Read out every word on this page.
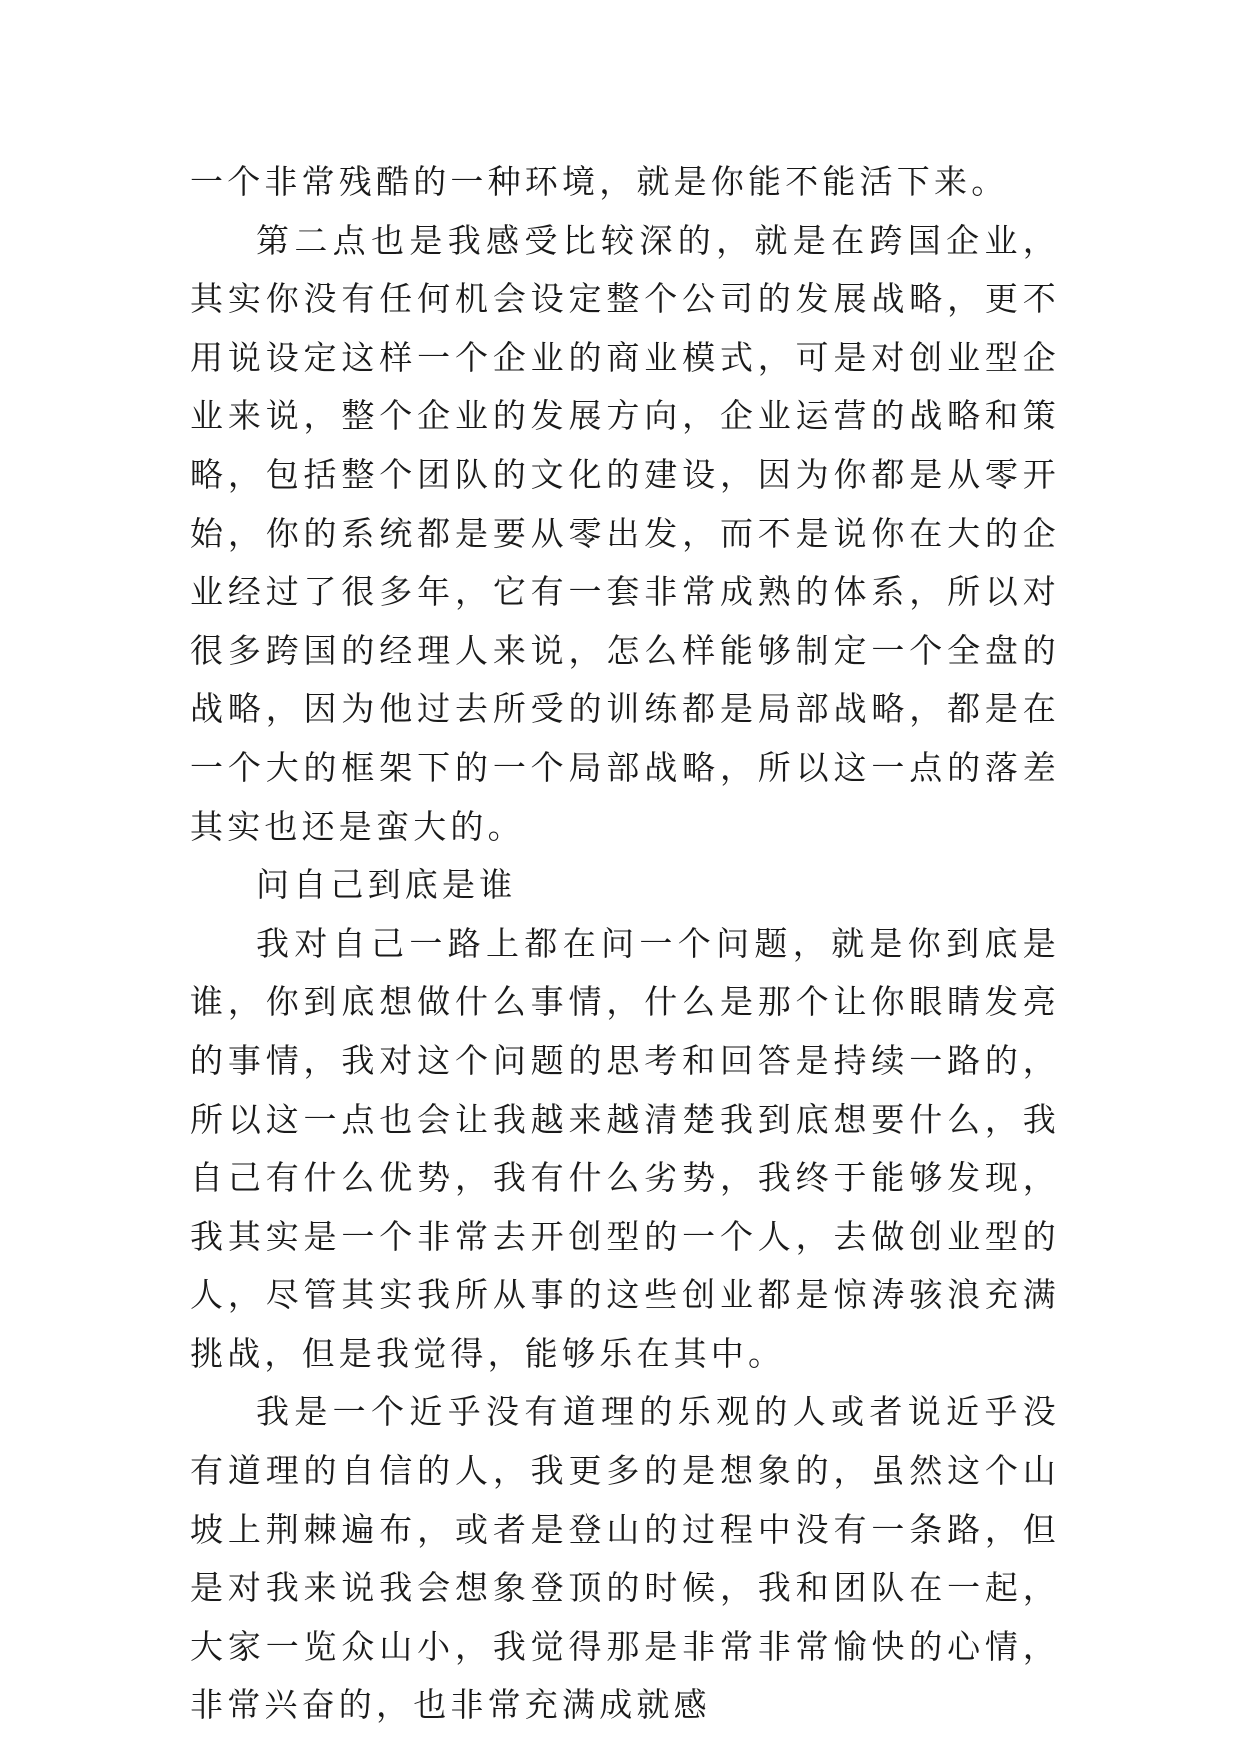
一个非常残酷的一种环境，就是你能不能活下来。

第二点也是我感受比较深的，就是在跨国企业，其实你没有任何机会设定整个公司的发展战略，更不用说设定这样一个企业的商业模式，可是对创业型企业来说，整个企业的发展方向，企业运营的战略和策略，包括整个团队的文化的建设，因为你都是从零开始，你的系统都是要从零出发，而不是说你在大的企业经过了很多年，它有一套非常成熟的体系，所以对很多跨国的经理人来说，怎么样能够制定一个全盘的战略，因为他过去所受的训练都是局部战略，都是在一个大的框架下的一个局部战略，所以这一点的落差其实也还是蛮大的。

问自己到底是谁

我对自己一路上都在问一个问题，就是你到底是谁，你到底想做什么事情，什么是那个让你眼睛发亮的事情，我对这个问题的思考和回答是持续一路的，所以这一点也会让我越来越清楚我到底想要什么，我自己有什么优势，我有什么劣势，我终于能够发现，我其实是一个非常去开创型的一个人，去做创业型的人，尽管其实我所从事的这些创业都是惊涛骇浪充满挑战，但是我觉得，能够乐在其中。

我是一个近乎没有道理的乐观的人或者说近乎没有道理的自信的人，我更多的是想象的，虽然这个山坡上荆棘遍布，或者是登山的过程中没有一条路，但是对我来说我会想象登顶的时候，我和团队在一起，大家一览众山小，我觉得那是非常非常愉快的心情，非常兴奋的，也非常充满成就感
